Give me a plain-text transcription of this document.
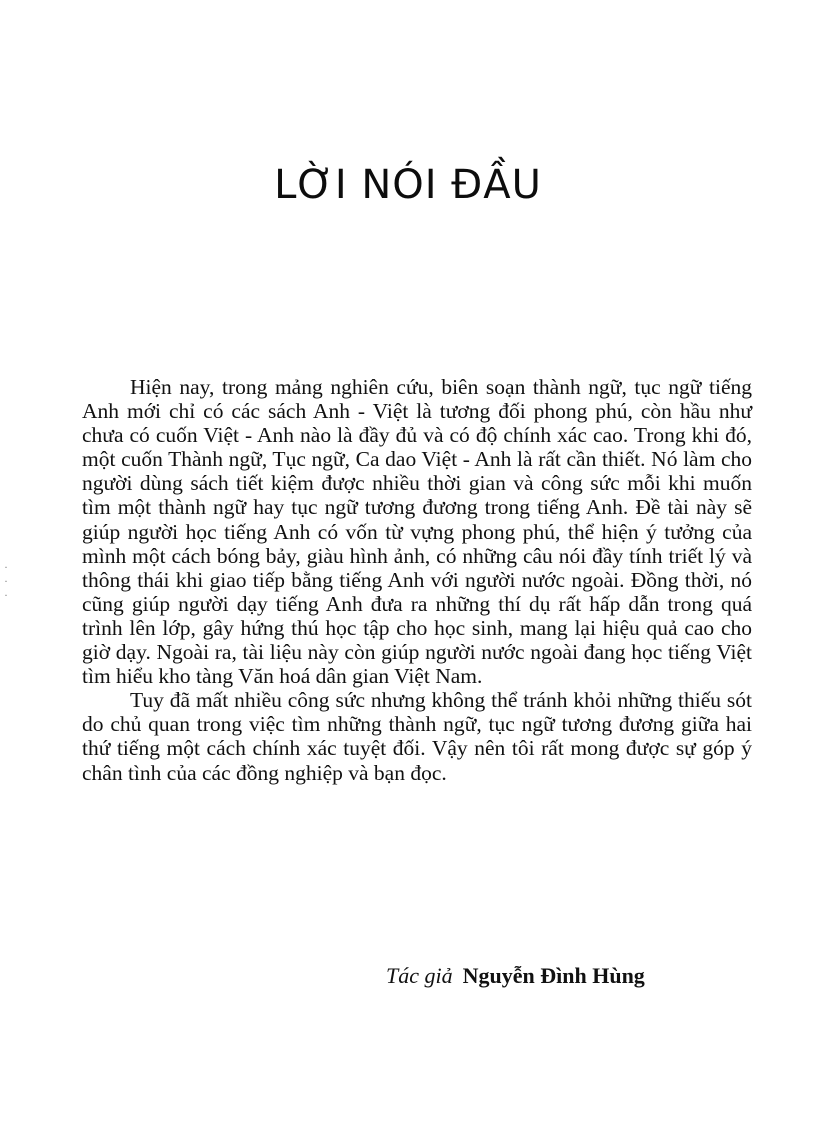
LỜI NÓI ĐẦU
·
·
·

Hiện nay, trong mảng nghiên cứu, biên soạn thành ngữ, tục ngữ tiếng Anh mới chỉ có các sách Anh - Việt là tương đối phong phú, còn hầu như chưa có cuốn Việt - Anh nào là đầy đủ và có độ chính xác cao. Trong khi đó, một cuốn Thành ngữ, Tục ngữ, Ca dao Việt - Anh là rất cần thiết. Nó làm cho người dùng sách tiết kiệm được nhiều thời gian và công sức mỗi khi muốn tìm một thành ngữ hay tục ngữ tương đương trong tiếng Anh. Đề tài này sẽ giúp người học tiếng Anh có vốn từ vựng phong phú, thể hiện ý tưởng của mình một cách bóng bảy, giàu hình ảnh, có những câu nói đầy tính triết lý và thông thái khi giao tiếp bằng tiếng Anh với người nước ngoài. Đồng thời, nó cũng giúp người dạy tiếng Anh đưa ra những thí dụ rất hấp dẫn trong quá trình lên lớp, gây hứng thú học tập cho học sinh, mang lại hiệu quả cao cho giờ dạy. Ngoài ra, tài liệu này còn giúp người nước ngoài đang học tiếng Việt tìm hiểu kho tàng Văn hoá dân gian Việt Nam.

Tuy đã mất nhiều công sức nhưng không thể tránh khỏi những thiếu sót do chủ quan trong việc tìm những thành ngữ, tục ngữ tương đương giữa hai thứ tiếng một cách chính xác tuyệt đối. Vậy nên tôi rất mong được sự góp ý chân tình của các đồng nghiệp và bạn đọc.

Tác giả Nguyễn Đình Hùng
